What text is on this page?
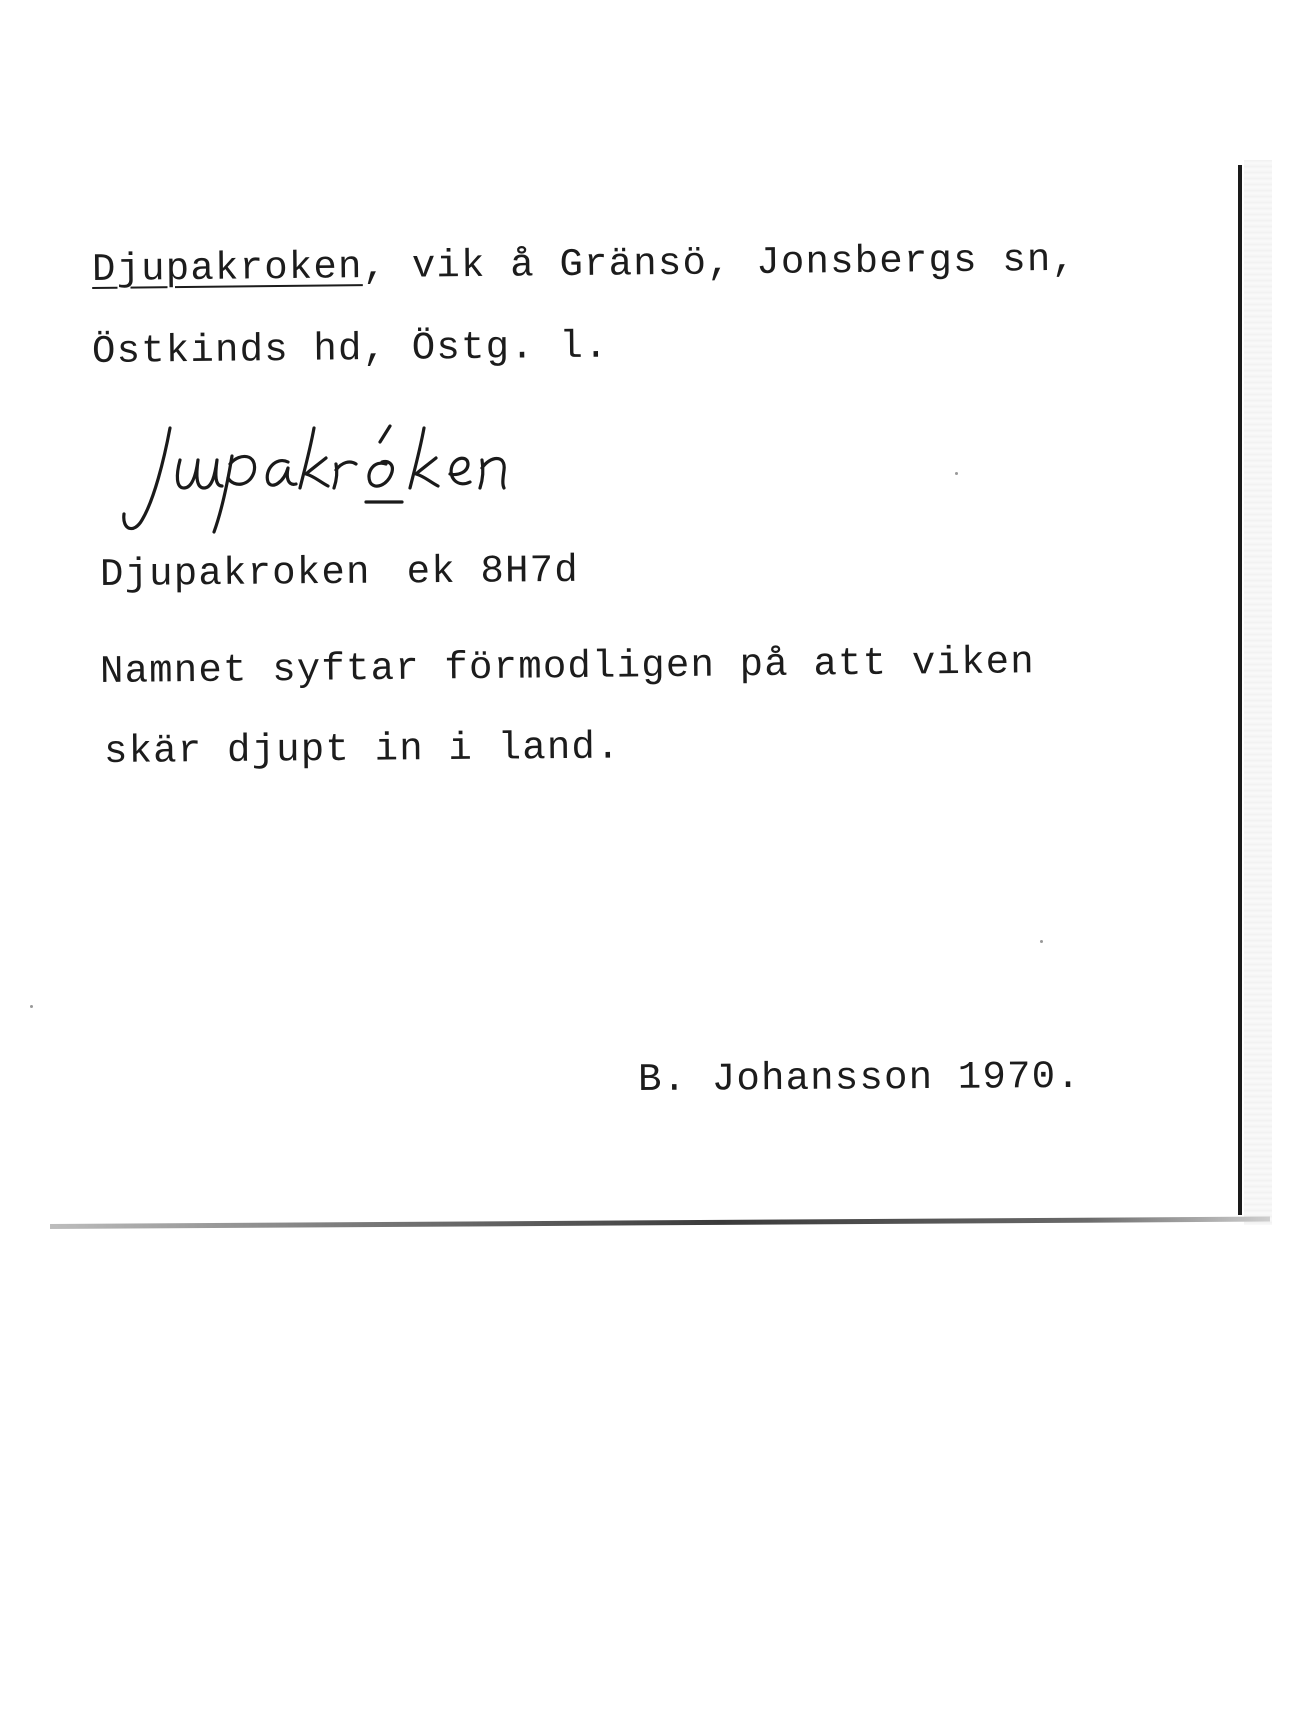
Djupakroken, vik å Gränsö, Jonsbergs sn,
Östkinds hd, Östg. l.
Djupakroken ek 8H7d
Namnet syftar förmodligen på att viken
skär djupt in i land.
B. Johansson 1970.
